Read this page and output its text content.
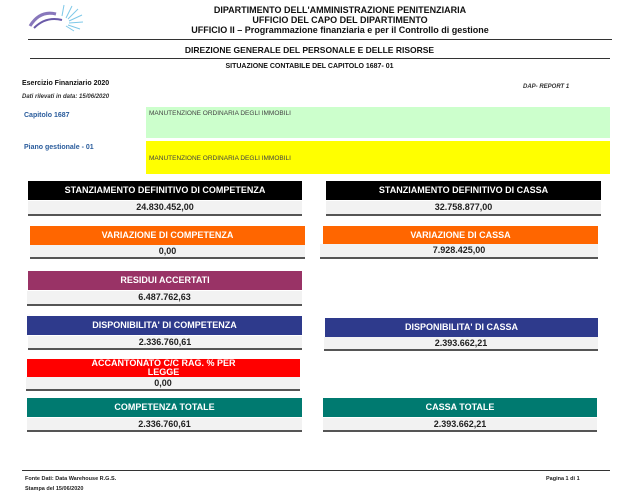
DIPARTIMENTO DELL'AMMINISTRAZIONE PENITENZIARIA
UFFICIO DEL CAPO DEL DIPARTIMENTO
UFFICIO II – Programmazione finanziaria e per il Controllo di gestione
DIREZIONE GENERALE DEL PERSONALE E DELLE RISORSE
SITUAZIONE CONTABILE DEL CAPITOLO 1687- 01
Esercizio Finanziario 2020
Dati rilevati in data: 15/06/2020
DAP- REPORT 1
Capitolo 1687	MANUTENZIONE ORDINARIA DEGLI IMMOBILI
Piano gestionale - 01
MANUTENZIONE ORDINARIA DEGLI IMMOBILI
STANZIAMENTO DEFINITIVO DI COMPETENZA
24.830.452,00
STANZIAMENTO DEFINITIVO DI CASSA
32.758.877,00
VARIAZIONE DI COMPETENZA
0,00
VARIAZIONE DI CASSA
7.928.425,00
RESIDUI ACCERTATI
6.487.762,63
DISPONIBILITA' DI COMPETENZA
2.336.760,61
DISPONIBILITA' DI CASSA
2.393.662,21
ACCANTONATO C/C RAG. % PER LEGGE
0,00
COMPETENZA TOTALE
2.336.760,61
CASSA TOTALE
2.393.662,21
Fonte Dati: Data Warehouse R.G.S.
Stampa del 15/06/2020
Pagina 1 di 1
